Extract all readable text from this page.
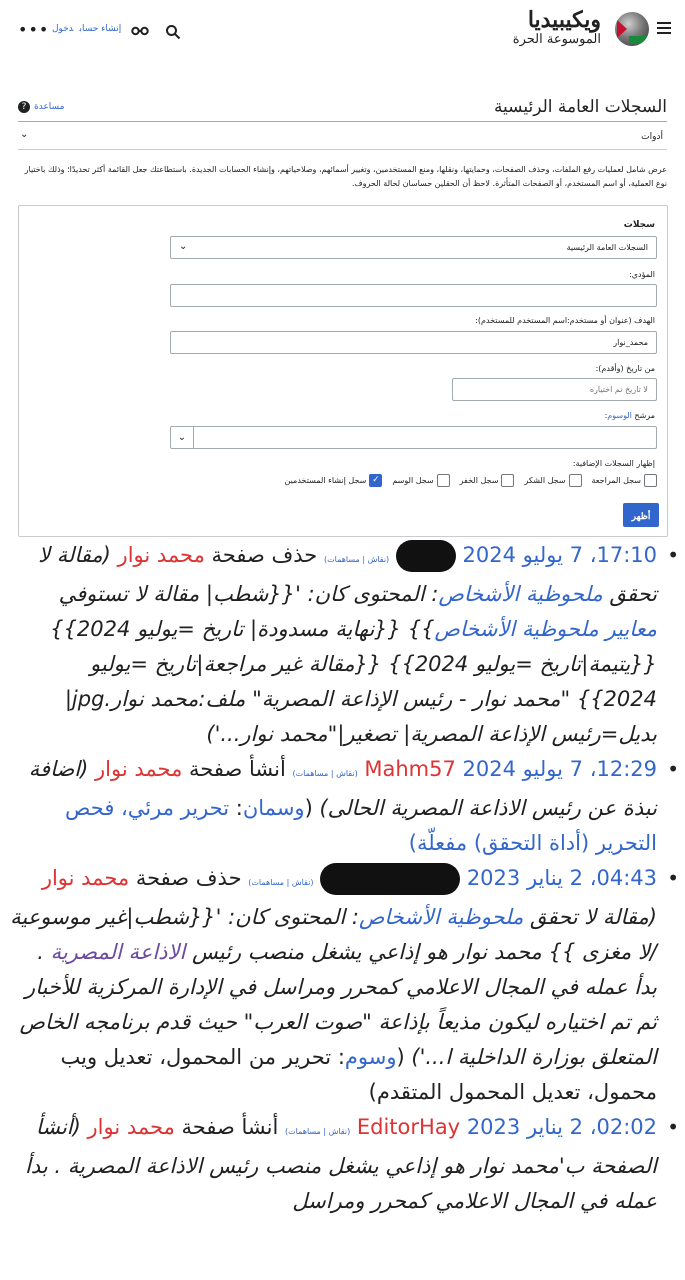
ويكيبيديا
الموسوعة الحرة
إنشاء حسابدخول
•••
السجلات العامة الرئيسية
? مساعدة
أدوات
⌄
عرض شامل لعمليات رفع الملفات، وحذف الصفحات، وحمايتها، ونقلها، ومنع المستخدمين، وتغيير أسمائهم، وصلاحياتهم، وإنشاء الحسابات الجديدة. باستطاعتك جعل القائمة أكثر تحديدًا؛ وذلك باختيار نوع العملية، أو اسم المستخدم، أو الصفحات المتأثرة. لاحظ أن الحقلين حساسان لحالة الحروف.
سجلات
السجلات العامة الرئيسية
⌄
المؤدي:
الهدف (عنوان أو مستخدم:اسم المستخدم للمستخدم):
محمد_نوار
من تاريخ (وأقدم):
لا تاريخ تم اختياره
مرشح الوسوم:
⌄
إظهار السجلات الإضافية:
سجل المراجعة
سجل الشكر
سجل الخفر
سجل الوسم
✓
سجل إنشاء المستخدمين
أظهر
• 17:10، 7 يوليو 2024  (نقاش | مساهمات) حذف صفحة محمد نوار (مقالة لا تحقق ملحوظية الأشخاص: المحتوى كان: '{{شطب| مقالة لا تستوفي معايير ملحوظية الأشخاص}} {{نهاية مسدودة| تاريخ =يوليو 2024}} {{يتيمة|تاريخ =يوليو 2024}} {{مقالة غير مراجعة|تاريخ =يوليو 2024}} "محمد نوار - رئيس الإذاعة المصرية" ملف:محمد نوار.jpg|بديل=رئيس الإذاعة المصرية| تصغير|"محمد نوار...')
• 12:29، 7 يوليو 2024 Mahm57 (نقاش | مساهمات) أنشأ صفحة محمد نوار (اضافة نبذة عن رئيس الاذاعة المصرية الحالى) (وسمان: تحرير مرئي، فحص التحرير (أداة التحقق) مفعلّة)
• 04:43، 2 يناير 2023  (نقاش | مساهمات) حذف صفحة محمد نوار (مقالة لا تحقق ملحوظية الأشخاص: المحتوى كان: '{{شطب|غير موسوعية /لا مغزى }} محمد نوار هو إذاعي يشغل منصب رئيس الاذاعة المصرية . بدأ عمله في المجال الاعلامي كمحرر ومراسل في الإدارة المركزية للأخبار ثم تم اختياره ليكون مذيعاً بإذاعة "صوت العرب" حيث قدم برنامجه الخاص المتعلق بوزارة الداخلية ا...') (وسوم: تحرير من المحمول، تعديل ويب محمول، تعديل المحمول المتقدم)
• 02:02، 2 يناير 2023 EditorHay (نقاش | مساهمات) أنشأ صفحة محمد نوار (أنشأ الصفحة ب'محمد نوار هو إذاعي يشغل منصب رئيس الاذاعة المصرية . بدأ عمله في المجال الاعلامي كمحرر ومراسل
